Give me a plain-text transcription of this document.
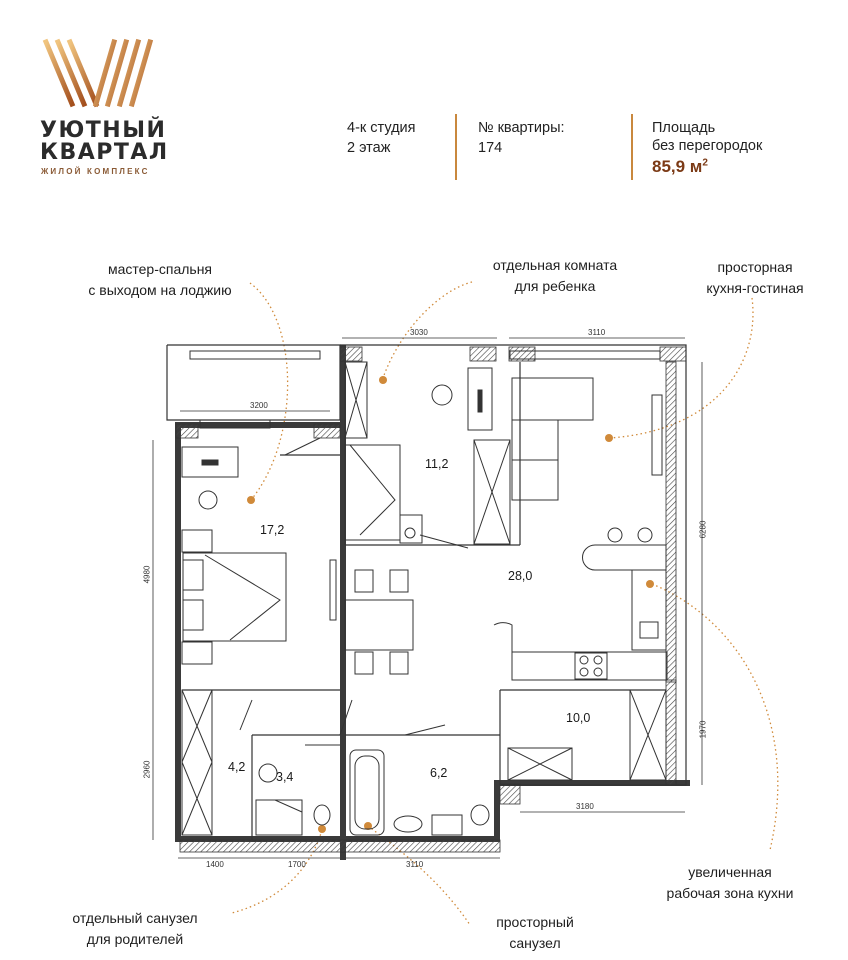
УЮТНЫЙ
КВАРТАЛ
ЖИЛОЙ КОМПЛЕКС
4-к студия
2 этаж
№ квартиры:
174
Площадь
без перегородок
85,9 $м^2$
мастер-спальня
с выходом на лоджию
отдельная комната
для ребенка
просторная
кухня-гостиная
увеличенная
рабочая зона кухни
отдельный санузел
для родителей
просторный
санузел
17,2
11,2
28,0
10,0
4,2
3,4	6,2
3030	3110
3200
4980
2960
6280
1970
1400	1700	3110
3180
